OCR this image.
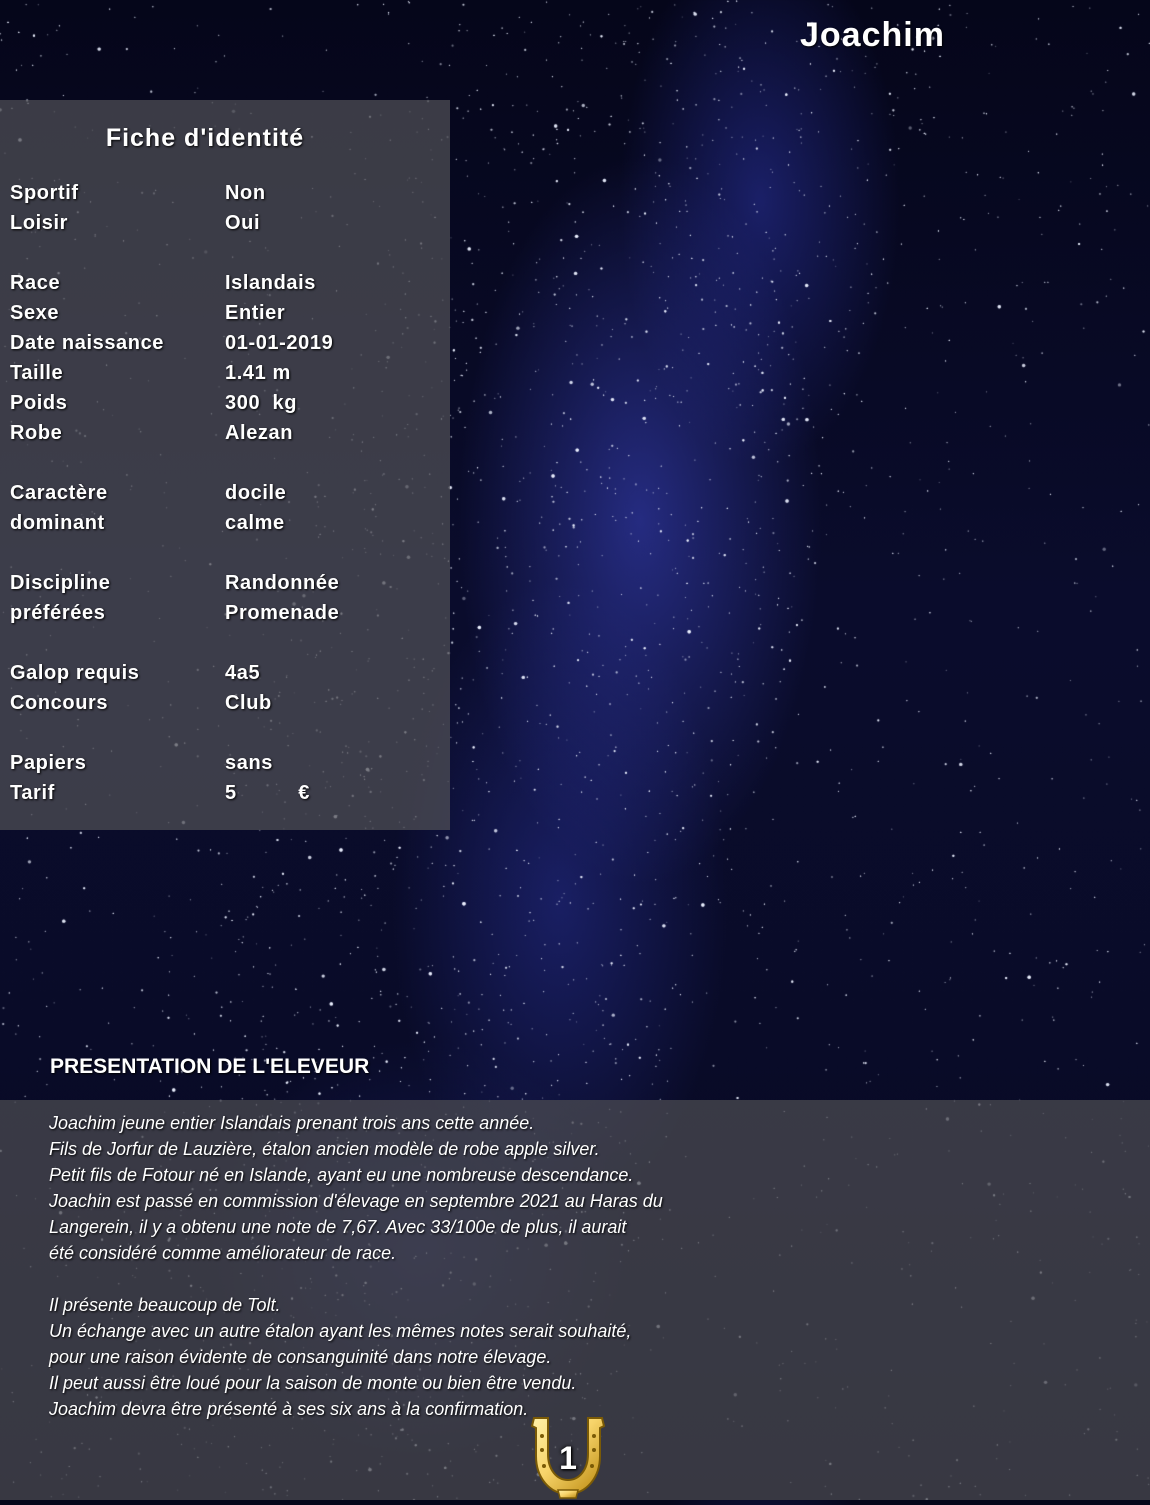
Joachim
Fiche d'identité
Sportif	Non
Loisir	Oui
Race	Islandais
Sexe	Entier
Date naissance	01-01-2019
Taille	1.41 m
Poids	300  kg
Robe	Alezan
Caractère	docile
dominant	calme
Discipline	Randonnée
préférées	Promenade
Galop requis	4a5
Concours	Club
Papiers	sans
Tarif	5          €
PRESENTATION DE L'ELEVEUR

Joachim jeune entier Islandais prenant trois ans cette année.

Fils de Jorfur de Lauzière, étalon ancien modèle de robe apple silver.

Petit fils de Fotour né en Islande, ayant eu une nombreuse descendance.

Joachin est passé en commission d'élevage en septembre 2021 au Haras du

Langerein, il y a obtenu une note de 7,67. Avec 33/100e de plus, il aurait

été considéré comme améliorateur de race.

Il présente beaucoup de Tolt.

Un échange avec un autre étalon ayant les mêmes notes serait souhaité,

pour une raison évidente de consanguinité dans notre élevage.

Il peut aussi être loué pour la saison de monte ou bien être vendu.

Joachim devra être présenté à ses six ans à la confirmation.

1
